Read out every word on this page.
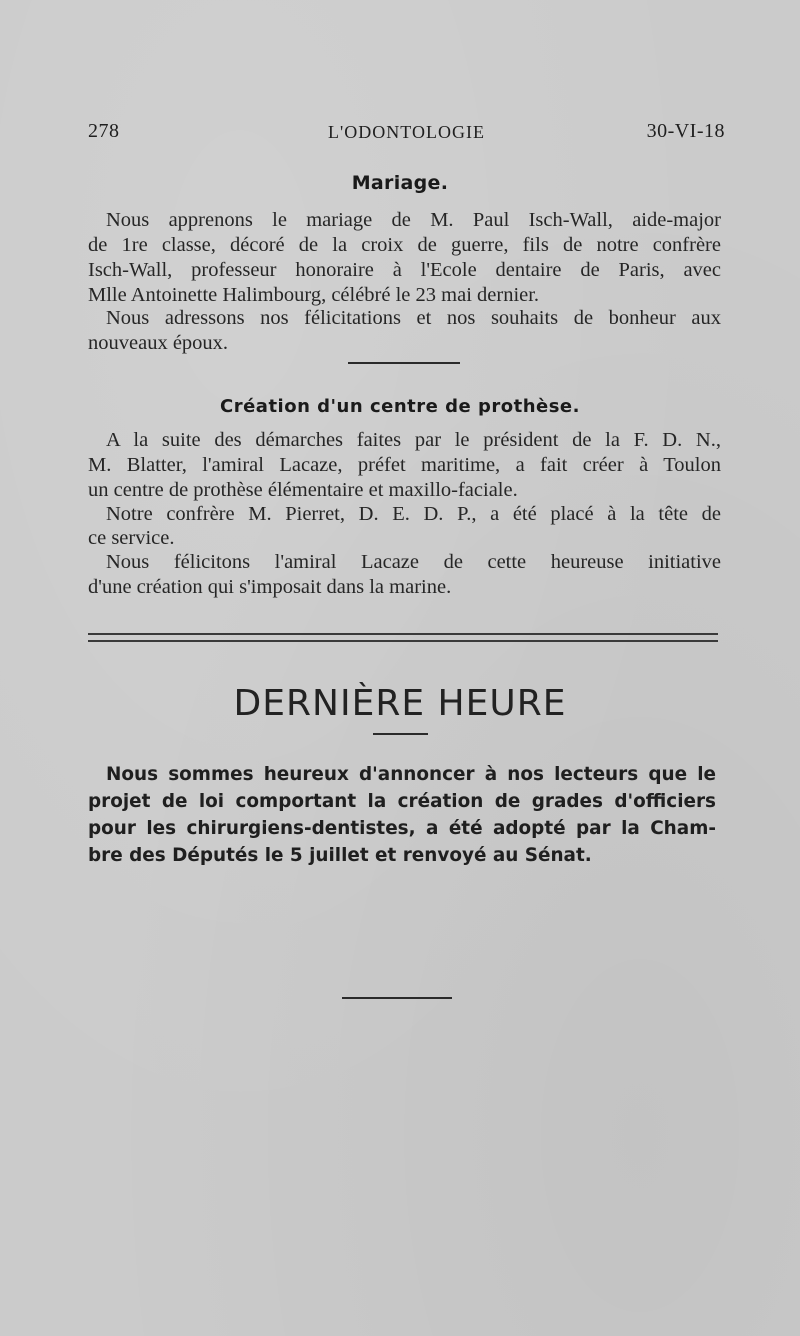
278	L'ODONTOLOGIE	30-VI-18
Mariage.
Nous apprenons le mariage de M. Paul Isch-Wall, aide-major
de 1re classe, décoré de la croix de guerre, fils de notre confrère
Isch-Wall, professeur honoraire à l'Ecole dentaire de Paris, avec
Mlle Antoinette Halimbourg, célébré le 23 mai dernier.
Nous adressons nos félicitations et nos souhaits de bonheur aux
nouveaux époux.
Création d'un centre de prothèse.
A la suite des démarches faites par le président de la F. D. N.,
M. Blatter, l'amiral Lacaze, préfet maritime, a fait créer à Toulon
un centre de prothèse élémentaire et maxillo-faciale.
Notre confrère M. Pierret, D. E. D. P., a été placé à la tête de
ce service.
Nous félicitons l'amiral Lacaze de cette heureuse initiative
d'une création qui s'imposait dans la marine.
DERNIÈRE HEURE
Nous sommes heureux d'annoncer à nos lecteurs que le
projet de loi comportant la création de grades d'officiers
pour les chirurgiens-dentistes, a été adopté par la Cham-
bre des Députés le 5 juillet et renvoyé au Sénat.
